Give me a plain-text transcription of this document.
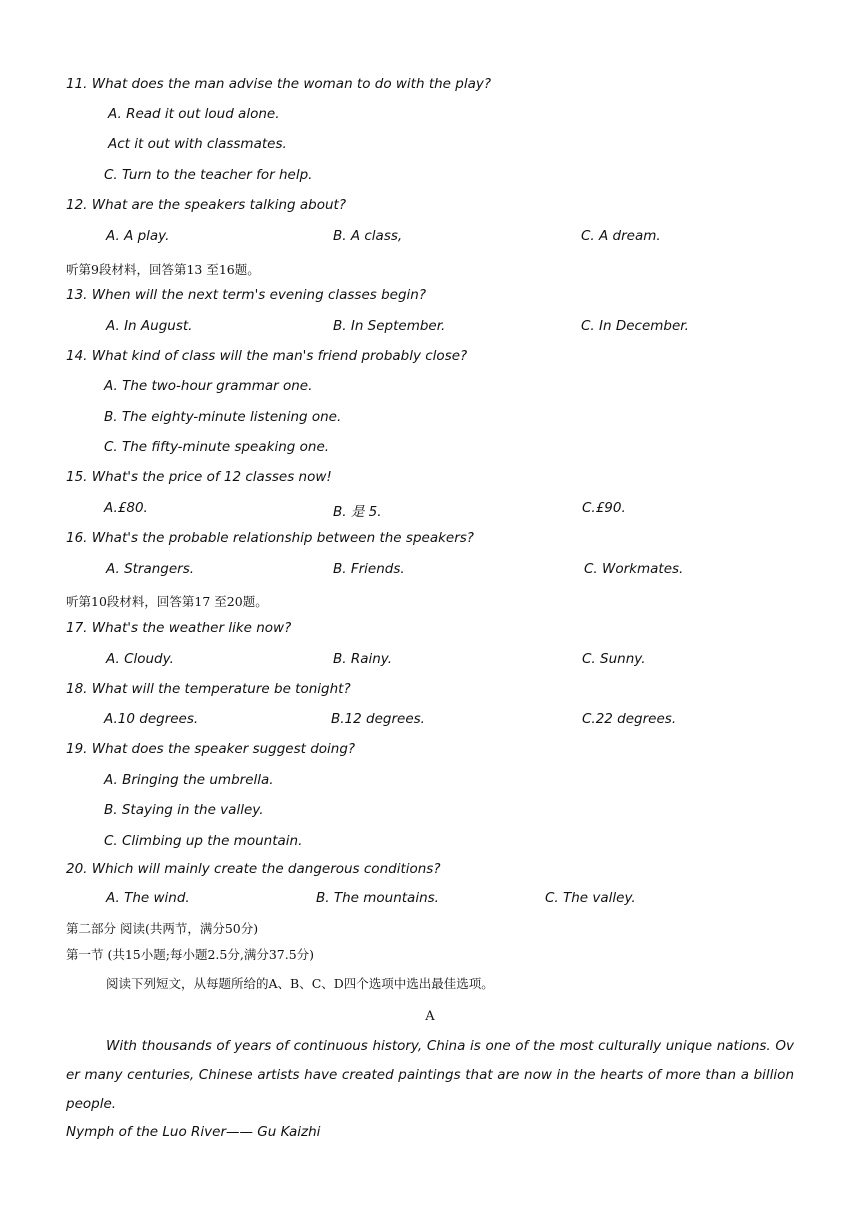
11. What does the man advise the woman to do with the play?
A. Read it out loud alone.
Act it out with classmates.
C. Turn to the teacher for help.
12. What are the speakers talking about?
A. A play.	B. A class,	C. A dream.
听第9段材料，回答第13 至16题。
13. When will the next term's evening classes begin?
A. In August.	B. In September.	C. In December.
14. What kind of class will the man's friend probably close?
A. The two-hour grammar one.
B. The eighty-minute listening one.
C. The fifty-minute speaking one.
15. What's the price of 12 classes now!
A.£80.	B. 是 5.	C.£90.
16. What's the probable relationship between the speakers?
A. Strangers.	B. Friends.	C. Workmates.
听第10段材料，回答第17 至20题。
17. What's the weather like now?
A. Cloudy.	B. Rainy.	C. Sunny.
18. What will the temperature be tonight?
A.10 degrees.	B.12 degrees.	C.22 degrees.
19. What does the speaker suggest doing?
A. Bringing the umbrella.
B. Staying in the valley.
C. Climbing up the mountain.
20. Which will mainly create the dangerous conditions?
A. The wind.	B. The mountains.	C. The valley.
第二部分 阅读(共两节，满分50分)
第一节 (共15小题;每小题2.5分,满分37.5分)
阅读下列短文，从每题所给的A、B、C、D四个选项中选出最佳选项。
A
With thousands of years of continuous history, China is one of the most culturally unique nations. Over many centuries, Chinese artists have created paintings that are now in the hearts of more than a billion people.
Nymph of the Luo River—— Gu Kaizhi
